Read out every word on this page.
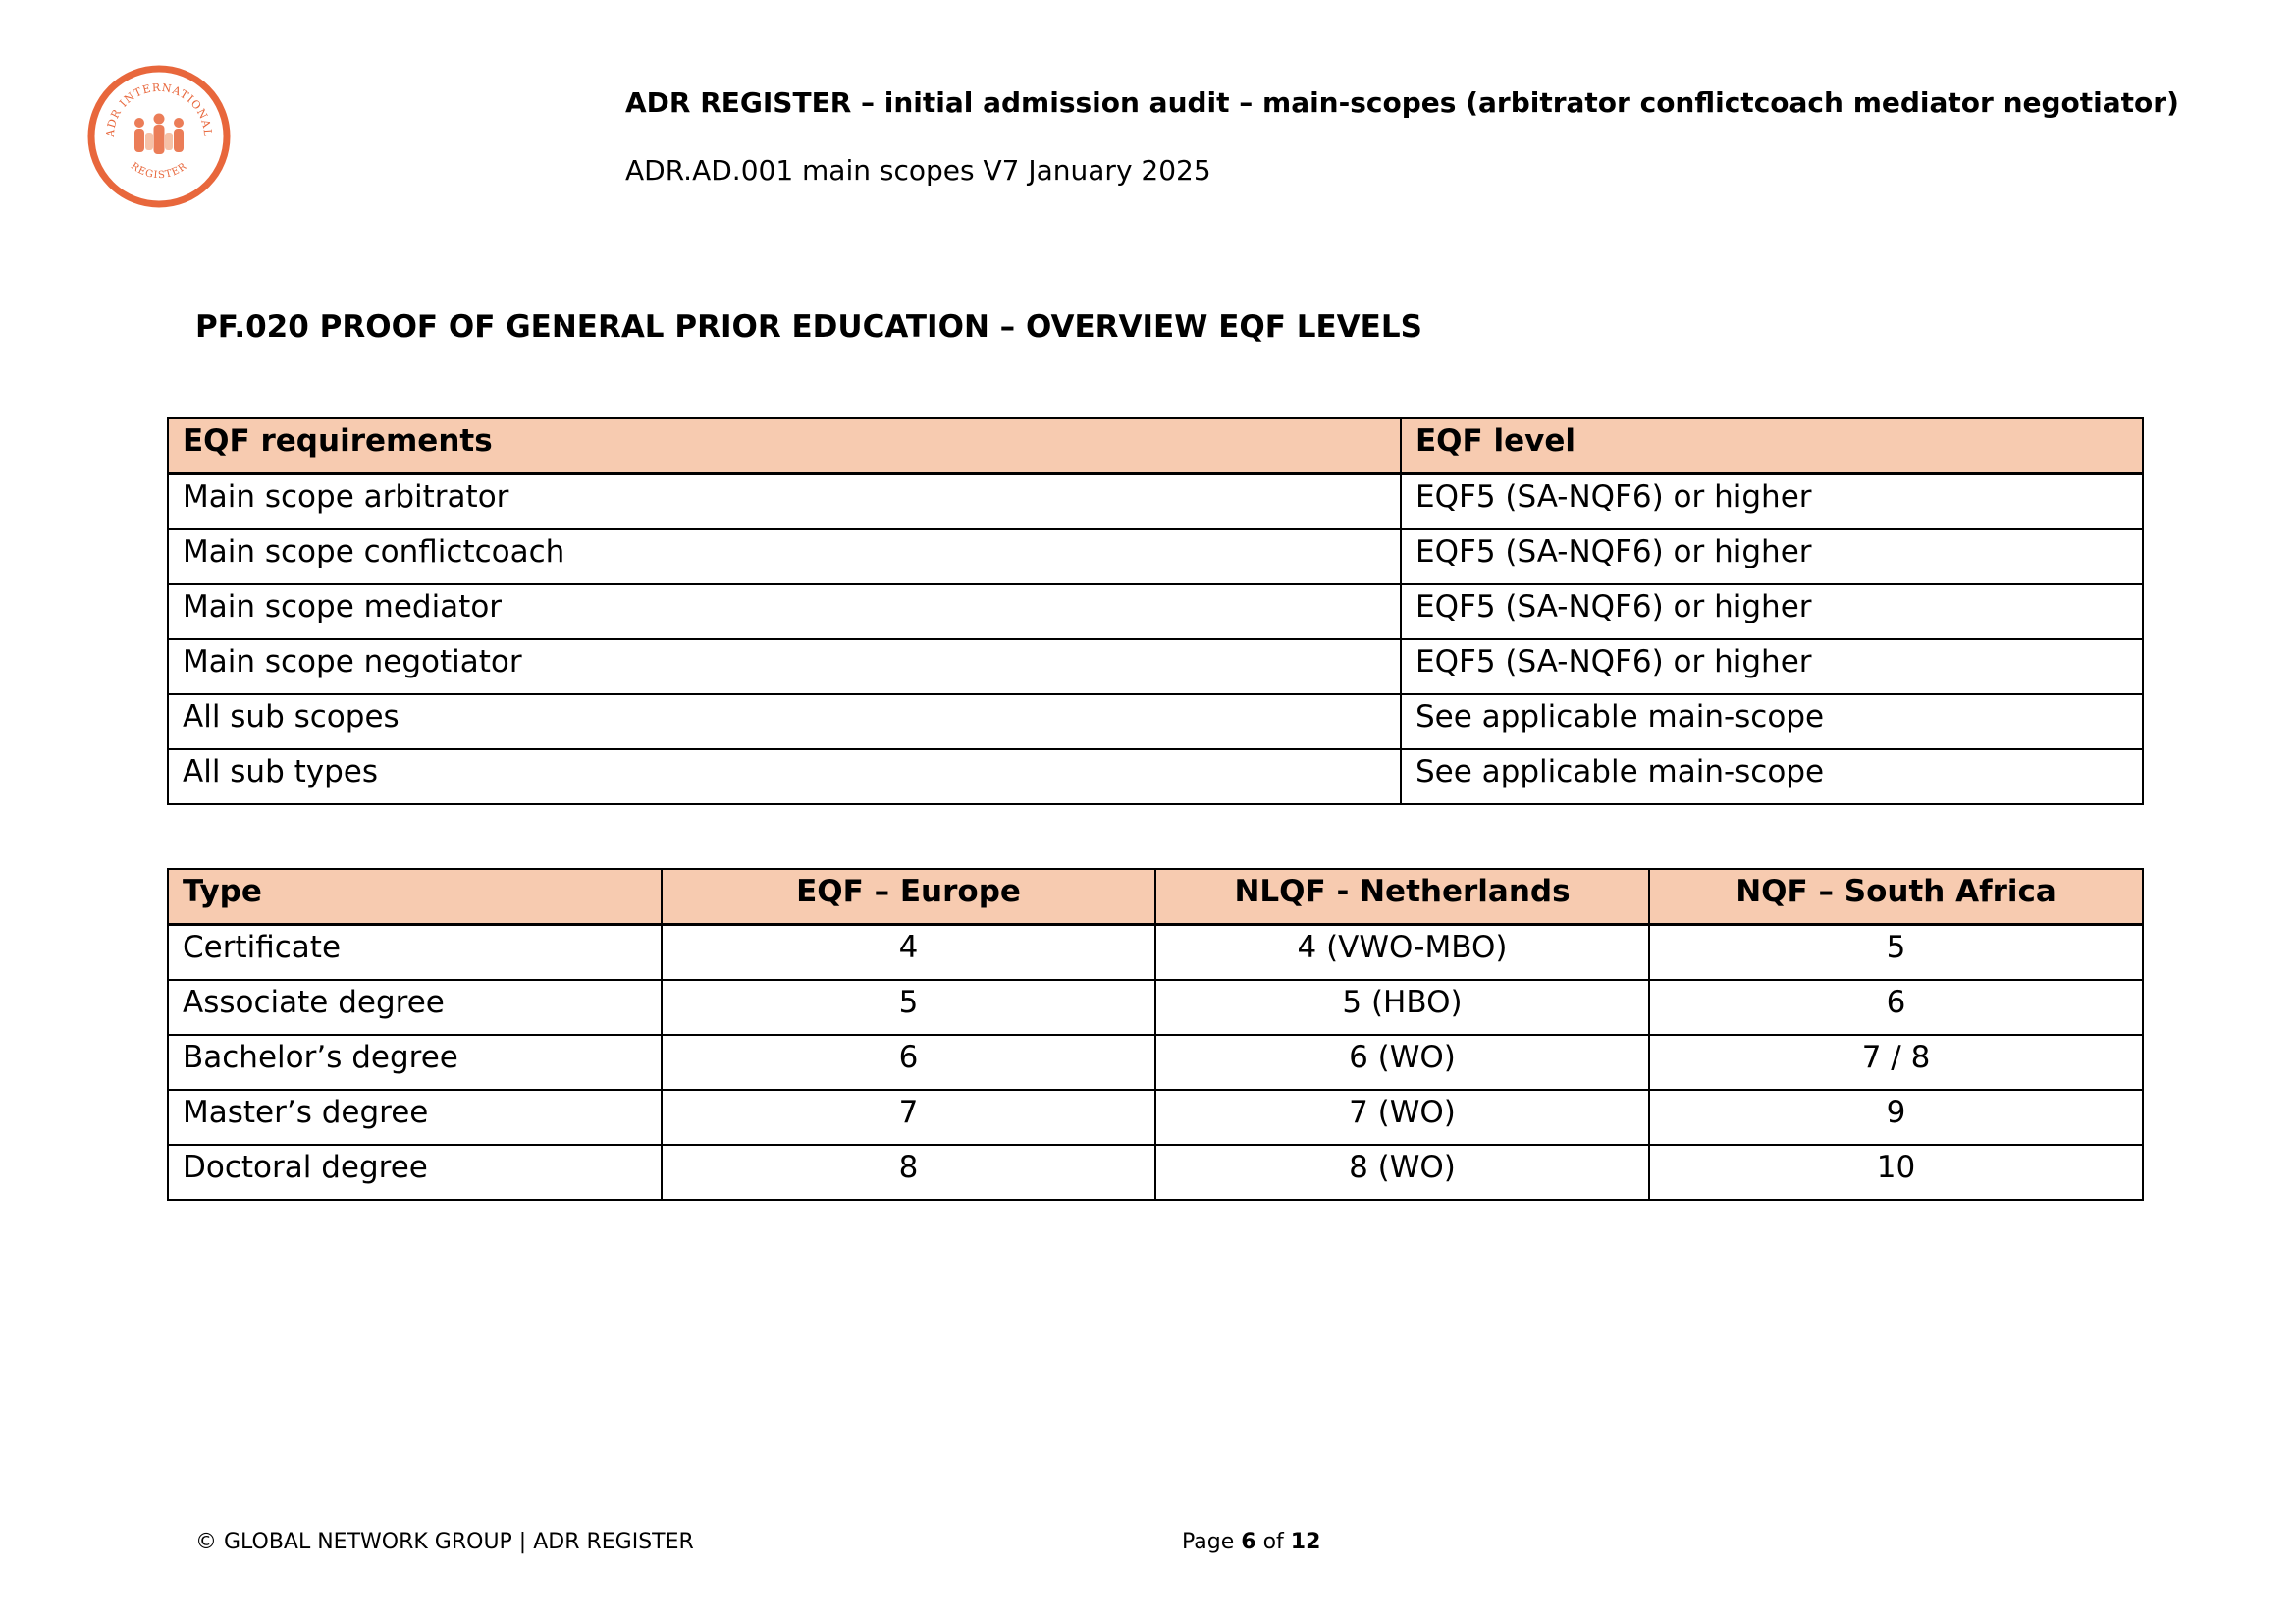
ADR INTERNATIONAL
REGISTER
ADR REGISTER – initial admission audit – main-scopes (arbitrator conflictcoach mediator negotiator)
ADR.AD.001 main scopes V7 January 2025
PF.020 PROOF OF GENERAL PRIOR EDUCATION – OVERVIEW EQF LEVELS
EQF requirements	EQF level
Main scope arbitrator	EQF5 (SA-NQF6) or higher
Main scope conflictcoach	EQF5 (SA-NQF6) or higher
Main scope mediator	EQF5 (SA-NQF6) or higher
Main scope negotiator	EQF5 (SA-NQF6) or higher
All sub scopes	See applicable main-scope
All sub types	See applicable main-scope
Type	EQF – Europe	NLQF - Netherlands	NQF – South Africa
Certificate	4	4 (VWO-MBO)	5
Associate degree	5	5 (HBO)	6
Bachelor’s degree	6	6 (WO)	7 / 8
Master’s degree	7	7 (WO)	9
Doctoral degree	8	8 (WO)	10
© GLOBAL NETWORK GROUP | ADR REGISTER	Page 6 of 12
